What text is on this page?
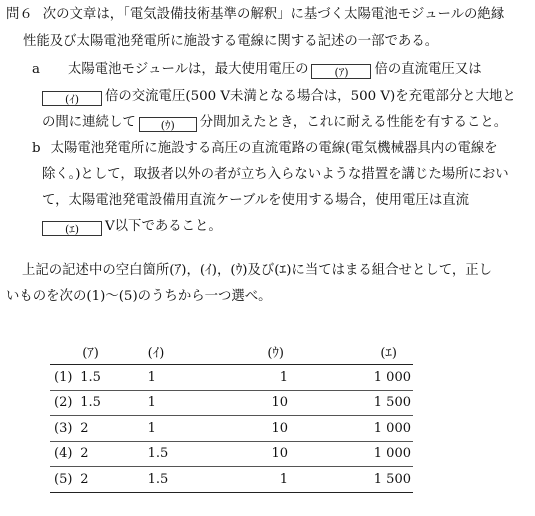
問６ 次の文章は，「電気設備技術基準の解釈」に基づく太陽電池モジュールの絶縁
性能及び太陽電池発電所に施設する電線に関する記述の一部である。
a 太陽電池モジュールは，最大使用電圧の (ｱ) 倍の直流電圧又は
(ｲ) 倍の交流電圧(500 V未満となる場合は，500 V)を充電部分と大地と
の間に連続して (ｳ) 分間加えたとき，これに耐える性能を有すること。
b 太陽電池発電所に施設する高圧の直流電路の電線(電気機械器具内の電線を
除く。)として，取扱者以外の者が立ち入らないような措置を講じた場所におい
て，太陽電池発電設備用直流ケーブルを使用する場合，使用電圧は直流
(ｴ) V以下であること。
上記の記述中の空白箇所(ｱ)，(ｲ)，(ｳ)及び(ｴ)に当てはまる組合せとして，正し
いものを次の(1)～(5)のうちから一つ選べ。
	(ｱ)	(ｲ)	(ｳ)	(ｴ)
(1)	1.5	1	1	1 000
(2)	1.5	1	10	1 500
(3)	2	1	10	1 000
(4)	2	1.5	10	1 000
(5)	2	1.5	1	1 500
